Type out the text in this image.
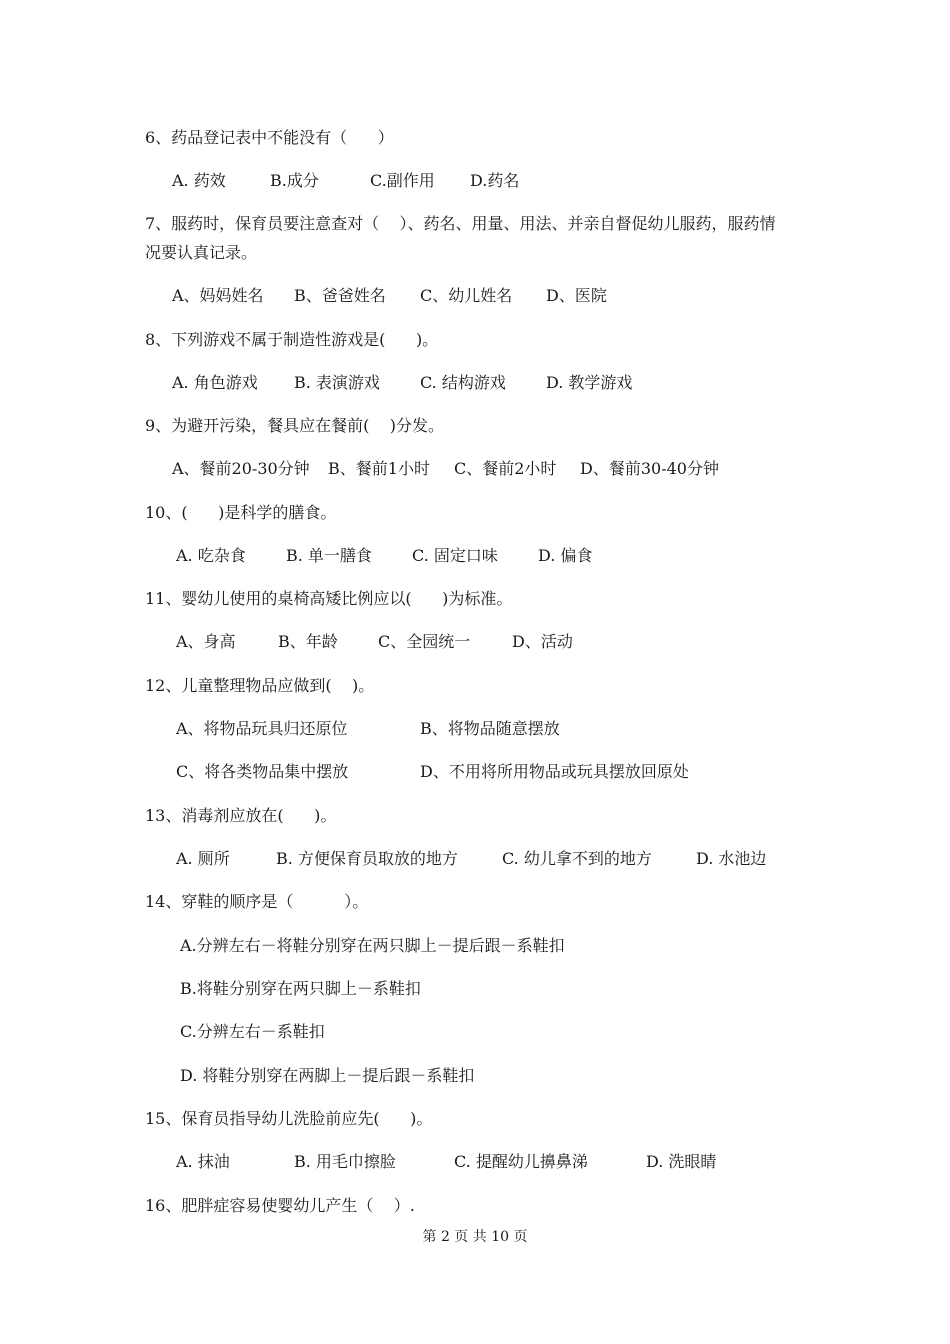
6、药品登记表中不能没有（      ）
A. 药效	B.成分	C.副作用 D.药名
7、服药时，保育员要注意查对（    ）、药名、用量、用法、并亲自督促幼儿服药，服药情
况要认真记录。
A、妈妈姓名 B、爸爸姓名 C、幼儿姓名 D、医院
8、下列游戏不属于制造性游戏是(      )。
A. 角色游戏 B. 表演游戏	C. 结构游戏	D. 教学游戏
9、为避开污染，餐具应在餐前(    )分发。
A、餐前20-30分钟 B、餐前1小时 C、餐前2小时 D、餐前30-40分钟
10、(      )是科学的膳食。
A. 吃杂食	B. 单一膳食	C. 固定口味	D. 偏食
11、婴幼儿使用的桌椅高矮比例应以(      )为标准。
A、身高	B、年龄	C、全园统一	D、活动
12、儿童整理物品应做到(    )。
A、将物品玩具归还原位	B、将物品随意摆放
C、将各类物品集中摆放	D、不用将所用物品或玩具摆放回原处
13、消毒剂应放在(      )。
A. 厕所	B. 方便保育员取放的地方	C. 幼儿拿不到的地方	D. 水池边
14、穿鞋的顺序是（          ）。
A.分辨左右－将鞋分别穿在两只脚上－提后跟－系鞋扣
B.将鞋分别穿在两只脚上－系鞋扣
C.分辨左右－系鞋扣
D. 将鞋分别穿在两脚上－提后跟－系鞋扣
15、保育员指导幼儿洗脸前应先(      )。
A. 抹油	B. 用毛巾擦脸	C. 提醒幼儿擤鼻涕	D. 洗眼睛
16、肥胖症容易使婴幼儿产生（    ）.
第 2 页 共 10 页
